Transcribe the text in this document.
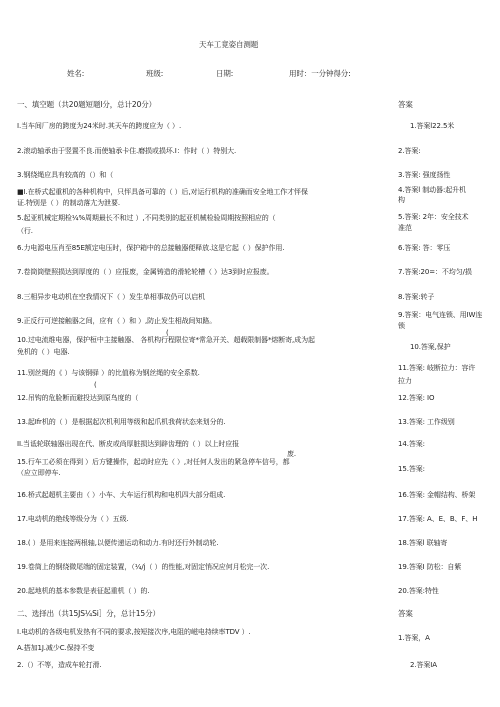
天车工竟姿自测题
姓名:	班级:	日期:	用时：一分钟得分:
一、填空题（共20题短题l分，总计20分）	答案
I.当车间厂房的跨度为24米时.其天车的跨度应为（ ）.
2.滚动轴承由于竖置不良.而使轴承卡住.磨损或损坏.I：作时（ ）特别大.
3.钢绕绳应具有较高的（）和（
■I.在桥式起重机的各种机构中，只怦具备可靠的（ ）后,对运行机构的准确而安全地工作才怦保
证.特别是（ ）的制动落尢为泄要.
5.起亚机械定期检¼%周期最长不和过 ）,不同类别的起亚机械检验周期按照相应的（
（行.
6.力电源电压肖至85E额定电压时，保护箱中的总接触器便释放.这是它起（ ）保护作用.
7.卷筒筒壁照损达到厚度的（ ）应报废，金属铸造的滑轮轮槽（ ）达3到时应报废。
8.三相异步电动机在空我情况下（ ）发生单相事故仍可以启机
9.正反行可逆接触器之间，应有（ ）和 ）,防止发生相战间知路。
(
10.过电流维电器，保护桓中主接触器、 各机构行程限位寄*常急开关、超载限制器*熔断寄,成为起
免机的（ ）电器.
11.别丝绳的《 ）与该钢驿 ）的比值称为钢丝绳的安全系数.
(
12.吊钩的危脸断而避投达到原鸟度的（
13.起Ifr机的（ ）是根据起次机利用等级和起爪机我荷状态来划分的.
II.当诋轮联轴器出现在代、断皮或尚厚脏损达到辟齿理的（ ）以上时应报
废.
15.行车工必须在得到 ）后方键操作，起动时应先（ ）,对任何人发出的紧急停车信号，都
（应立即停车.
16.桥式起超机主要由（ ）小车、大车运行机构和电机四大部分组成.
17.电动机的绝线等级分为（ ）五级.
18.( ）是用来连接两根轴,以便传递运动和动力.有时还行外制动轮.
19.卷筒上的钢绕微尾端的固定装置，（¼/j（ ）的性能,对固定悄况应何月松完一次.
20.起地机的基本参数是表征起重机（ ）的.
二、选择出（共15JS¼Si］分，总计15分）	答案
I.电动机的各级电机发热有不同的要求,按短接次序,电阻的嵫电持续率TDV ）.
A.搭加1J.减少C.保持不变
2.（）不等，造成车轮打滑.
1.答案l22.5米
2.答案:
3.答案: 强度扬性
4.答案l 制动器:起升机
构
5.答案: 2年：安全技术
准范
6.答案: 答：零压
7.答案:20=：不均匀/损
8.答案:转子
9.答案：电气连锁、用IW连
锁
10.答案,保护
11.答案: 岐断拉力：容许
拉力
12.答案: IO
13.答案: 工作级别
14.答案:
15.答案:
16.答案: 金帽结构、桥架
17.答案: A、E、B、F、H
18.答案l 联轴寄
19.答案I 防松：自紫
20.答案:特性
1.答案，A
2.答案IA
